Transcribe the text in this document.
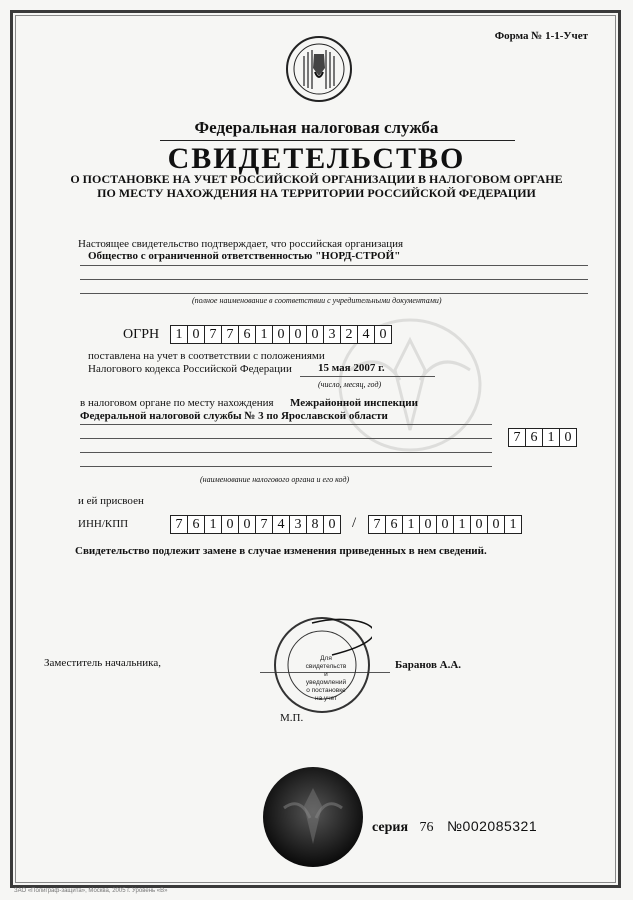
Форма № 1-1-Учет
Федеральная налоговая служба
СВИДЕТЕЛЬСТВО
О ПОСТАНОВКЕ НА УЧЕТ РОССИЙСКОЙ ОРГАНИЗАЦИИ В НАЛОГОВОМ ОРГАНЕ ПО МЕСТУ НАХОЖДЕНИЯ НА ТЕРРИТОРИИ РОССИЙСКОЙ ФЕДЕРАЦИИ
Настоящее свидетельство подтверждает, что российская организация
Общество с ограниченной ответственностью "НОРД-СТРОЙ"
(полное наименование в соответствии с учредительными документами)
ОГРН	1 0 7 7 6 1 0 0 0 3 2 4 0
поставлена на учет в соответствии с положениями
Налогового кодекса Российской Федерации 15 мая 2007 г.
(число, месяц, год)
в налоговом органе по месту нахождения Межрайонной инспекции
Федеральной налоговой службы № 3 по Ярославской области
7 6 1 0
(наименование налогового органа и его код)
и ей присвоен
ИНН/КПП	7 6 1 0 0 7 4 3 8 0	/	7 6 1 0 0 1 0 0 1
Свидетельство подлежит замене в случае изменения приведенных в нем сведений.
Заместитель начальника,	Баранов А.А.
М.П.
Для
свидетельств
и
уведомлений
о постановке
на учет
серия 76 №002085321
ЗАО «Полиграф-защита», Москва, 2005 г. Уровень «В»
